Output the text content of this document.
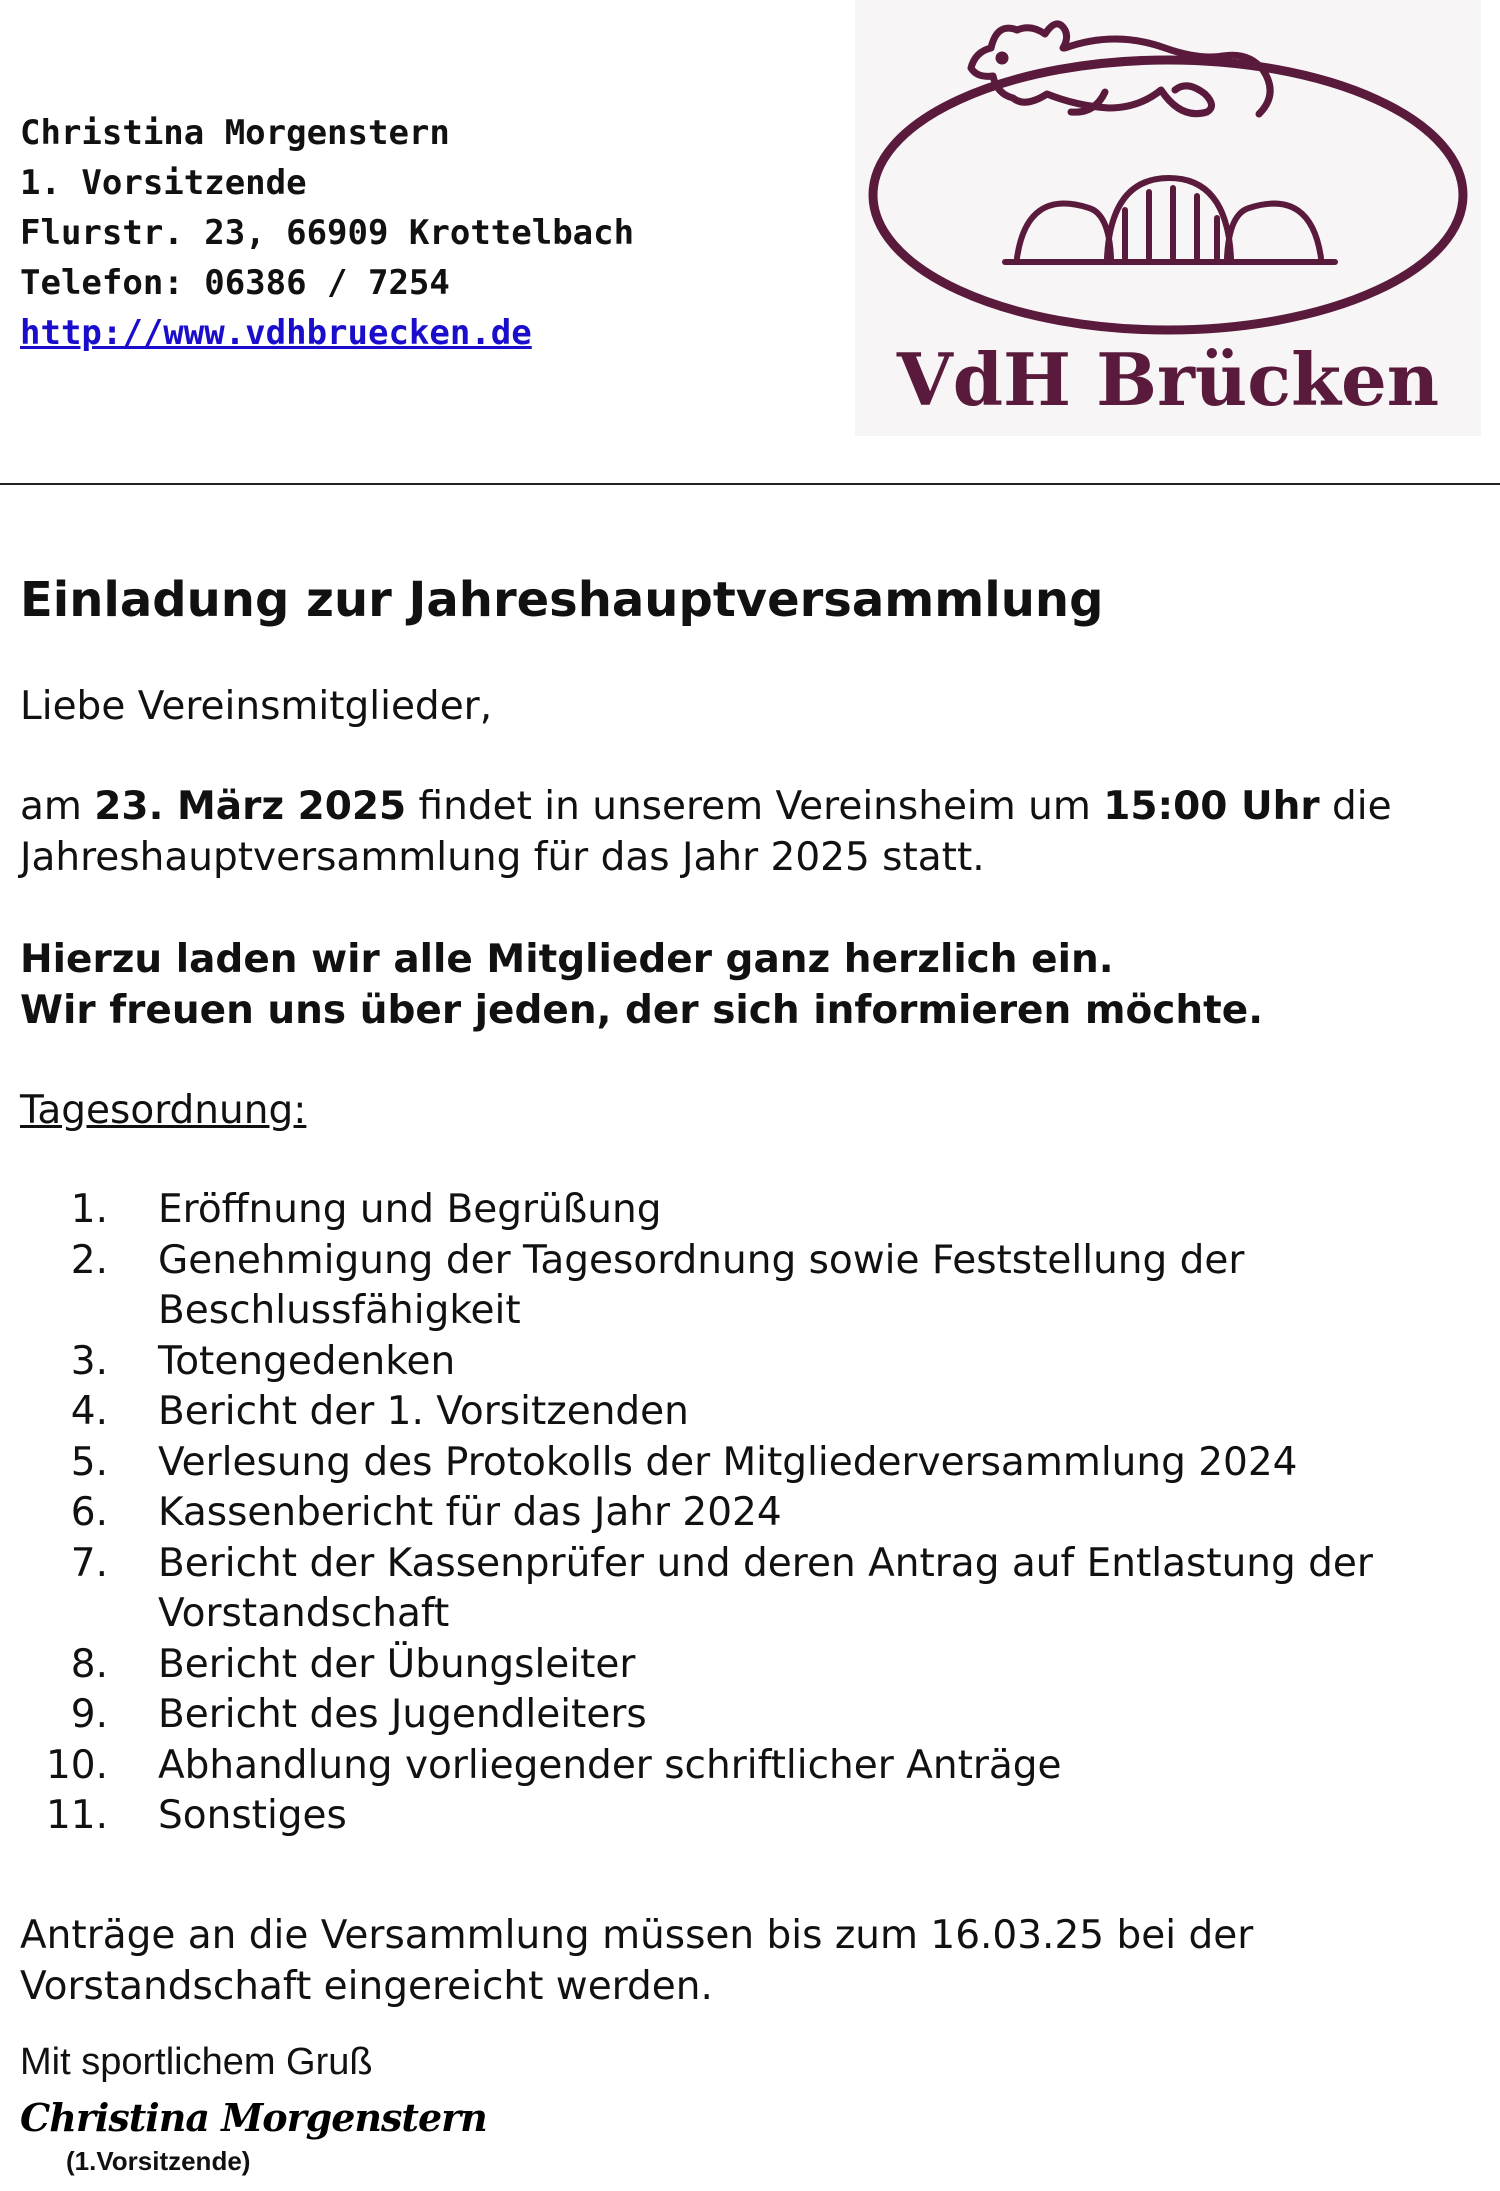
Christina Morgenstern
1. Vorsitzende
Flurstr. 23, 66909 Krottelbach
Telefon: 06386 / 7254
http://www.vdhbruecken.de
VdH Brücken
Einladung zur Jahreshauptversammlung
Liebe Vereinsmitglieder,
am 23. März 2025 findet in unserem Vereinsheim um 15:00 Uhr die Jahreshauptversammlung für das Jahr 2025 statt.
Hierzu laden wir alle Mitglieder ganz herzlich ein.
Wir freuen uns über jeden, der sich informieren möchte.
Tagesordnung:
1.	Eröffnung und Begrüßung
2.	Genehmigung der Tagesordnung sowie Feststellung der Beschlussfähigkeit
3.	Totengedenken
4.	Bericht der 1. Vorsitzenden
5.	Verlesung des Protokolls der Mitgliederversammlung 2024
6.	Kassenbericht für das Jahr 2024
7.	Bericht der Kassenprüfer und deren Antrag auf Entlastung der Vorstandschaft
8.	Bericht der Übungsleiter
9.	Bericht des Jugendleiters
10.	Abhandlung vorliegender schriftlicher Anträge
11.	Sonstiges
Anträge an die Versammlung müssen bis zum 16.03.25 bei der Vorstandschaft eingereicht werden.
Mit sportlichem Gruß
Christina Morgenstern
(1.Vorsitzende)
